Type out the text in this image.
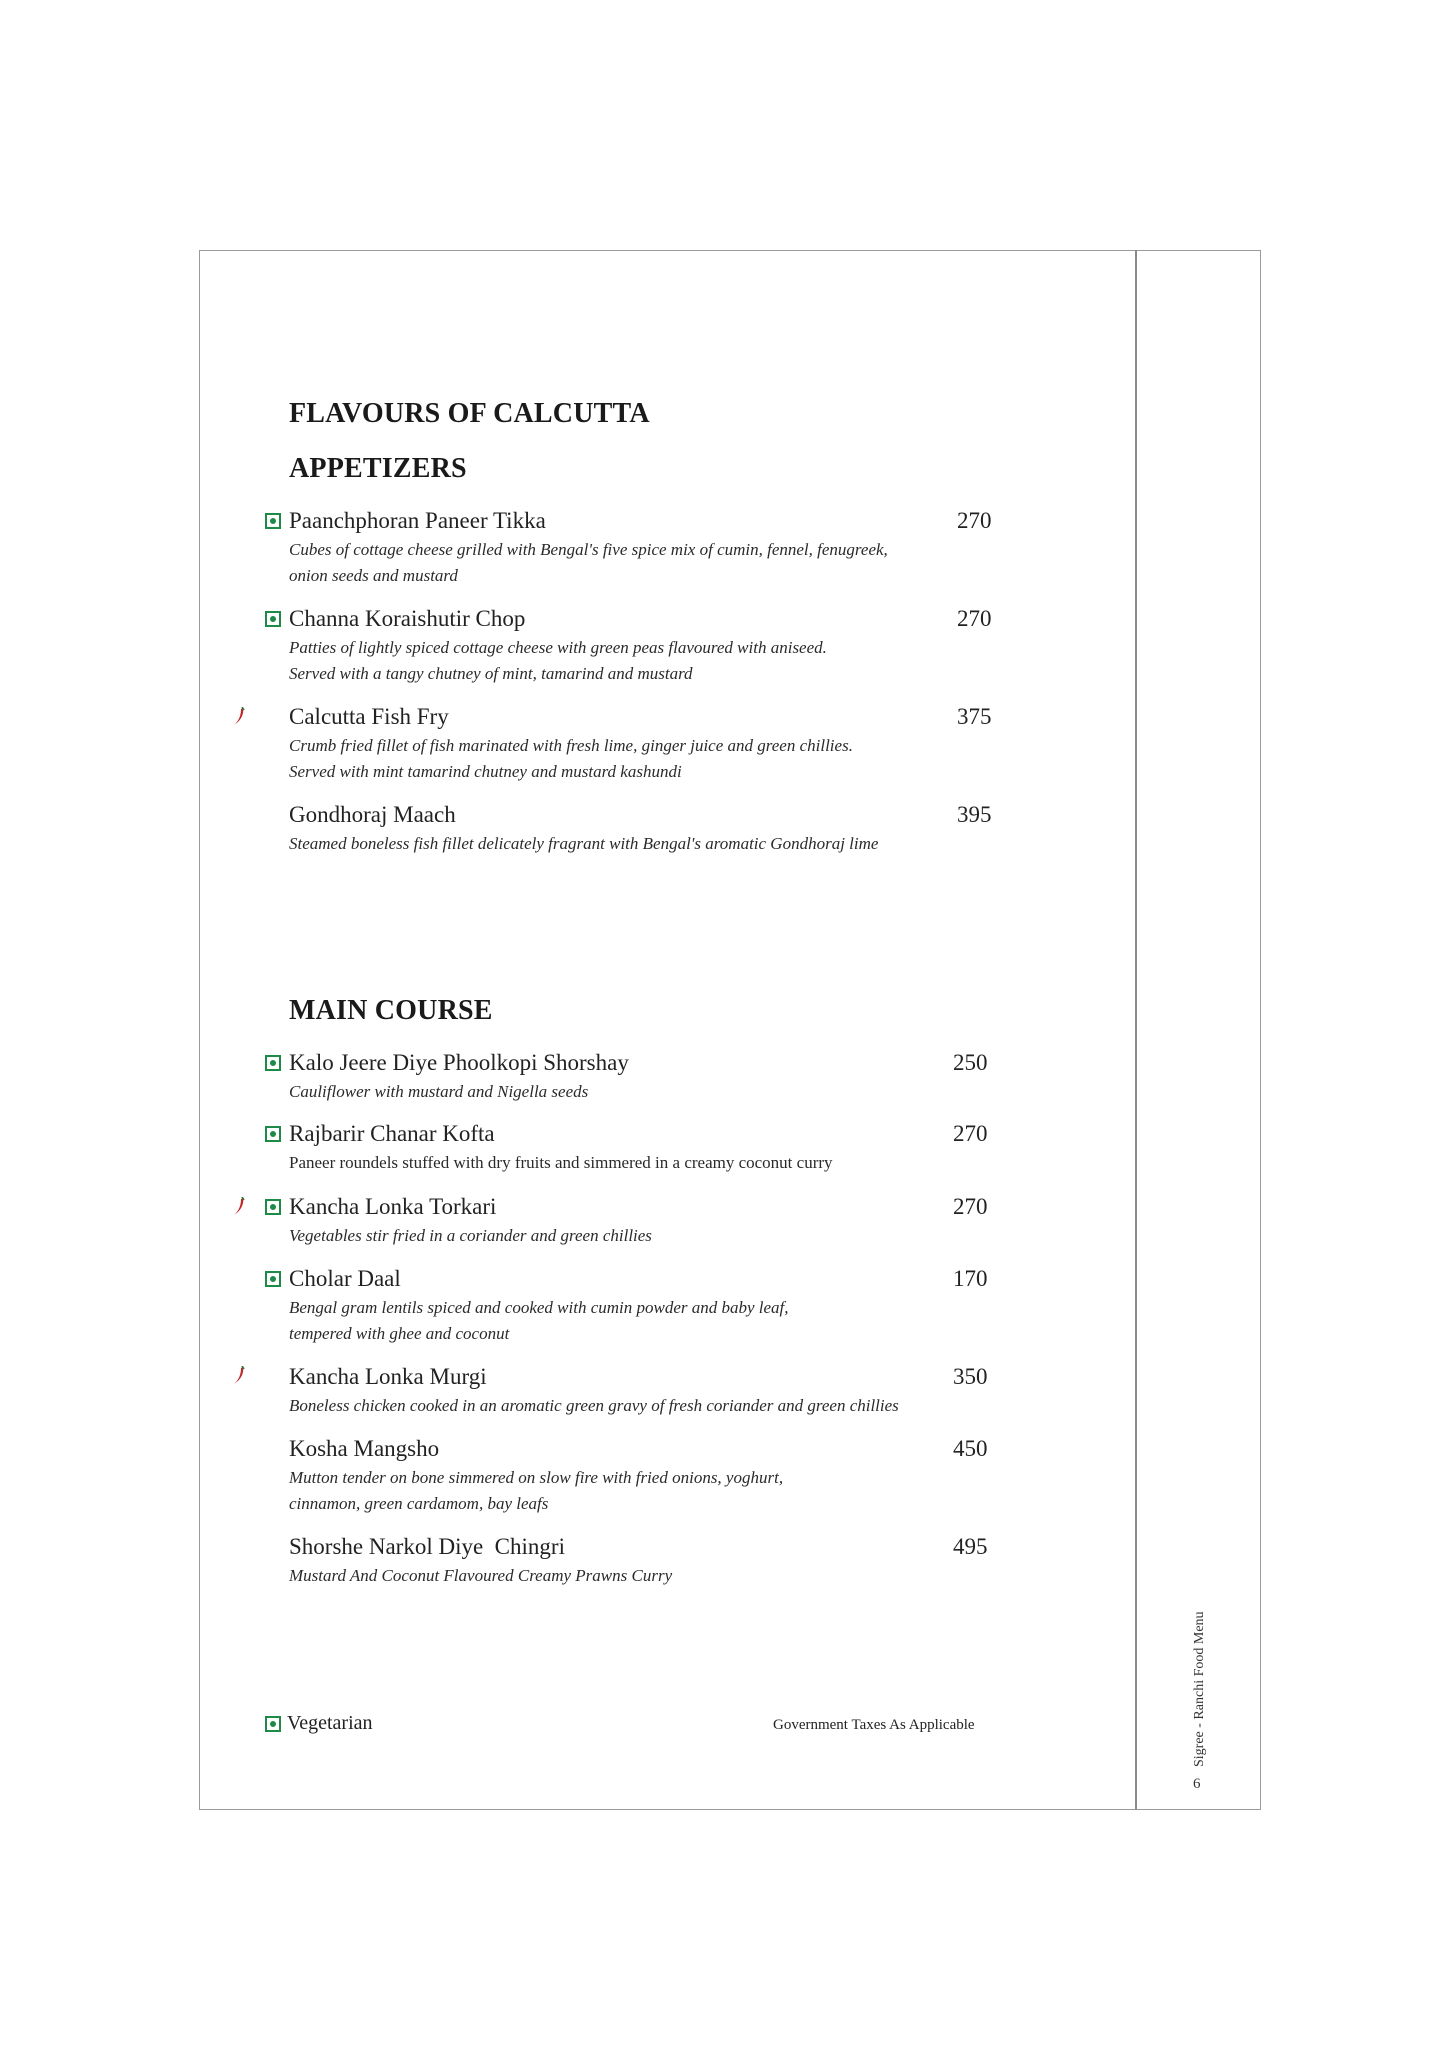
FLAVOURS OF CALCUTTA
APPETIZERS
Paanchphoran Paneer Tikka
Cubes of cottage cheese grilled with Bengal's five spice mix of cumin, fennel, fenugreek,
onion seeds and mustard
270
Channa Koraishutir Chop
Patties of lightly spiced cottage cheese with green peas flavoured with aniseed.
Served with a tangy chutney of mint, tamarind and mustard
270
Calcutta Fish Fry
Crumb fried fillet of fish marinated with fresh lime, ginger juice and green chillies.
Served with mint tamarind chutney and mustard kashundi
375
Gondhoraj Maach
Steamed boneless fish fillet delicately fragrant with Bengal's aromatic Gondhoraj lime
395
MAIN COURSE
Kalo Jeere Diye Phoolkopi Shorshay
Cauliflower with mustard and Nigella seeds
250
Rajbarir Chanar Kofta
Paneer roundels stuffed with dry fruits and simmered in a creamy coconut curry
270
Kancha Lonka Torkari
Vegetables stir fried in a coriander and green chillies
270
Cholar Daal
Bengal gram lentils spiced and cooked with cumin powder and baby leaf,
tempered with ghee and coconut
170
Kancha Lonka Murgi
Boneless chicken cooked in an aromatic green gravy of fresh coriander and green chillies
350
Kosha Mangsho
Mutton tender on bone simmered on slow fire with fried onions, yoghurt,
cinnamon, green cardamom, bay leafs
450
Shorshe Narkol Diye  Chingri
Mustard And Coconut Flavoured Creamy Prawns Curry
495
Vegetarian	Government Taxes As Applicable	Sigree - Ranchi Food Menu
6
